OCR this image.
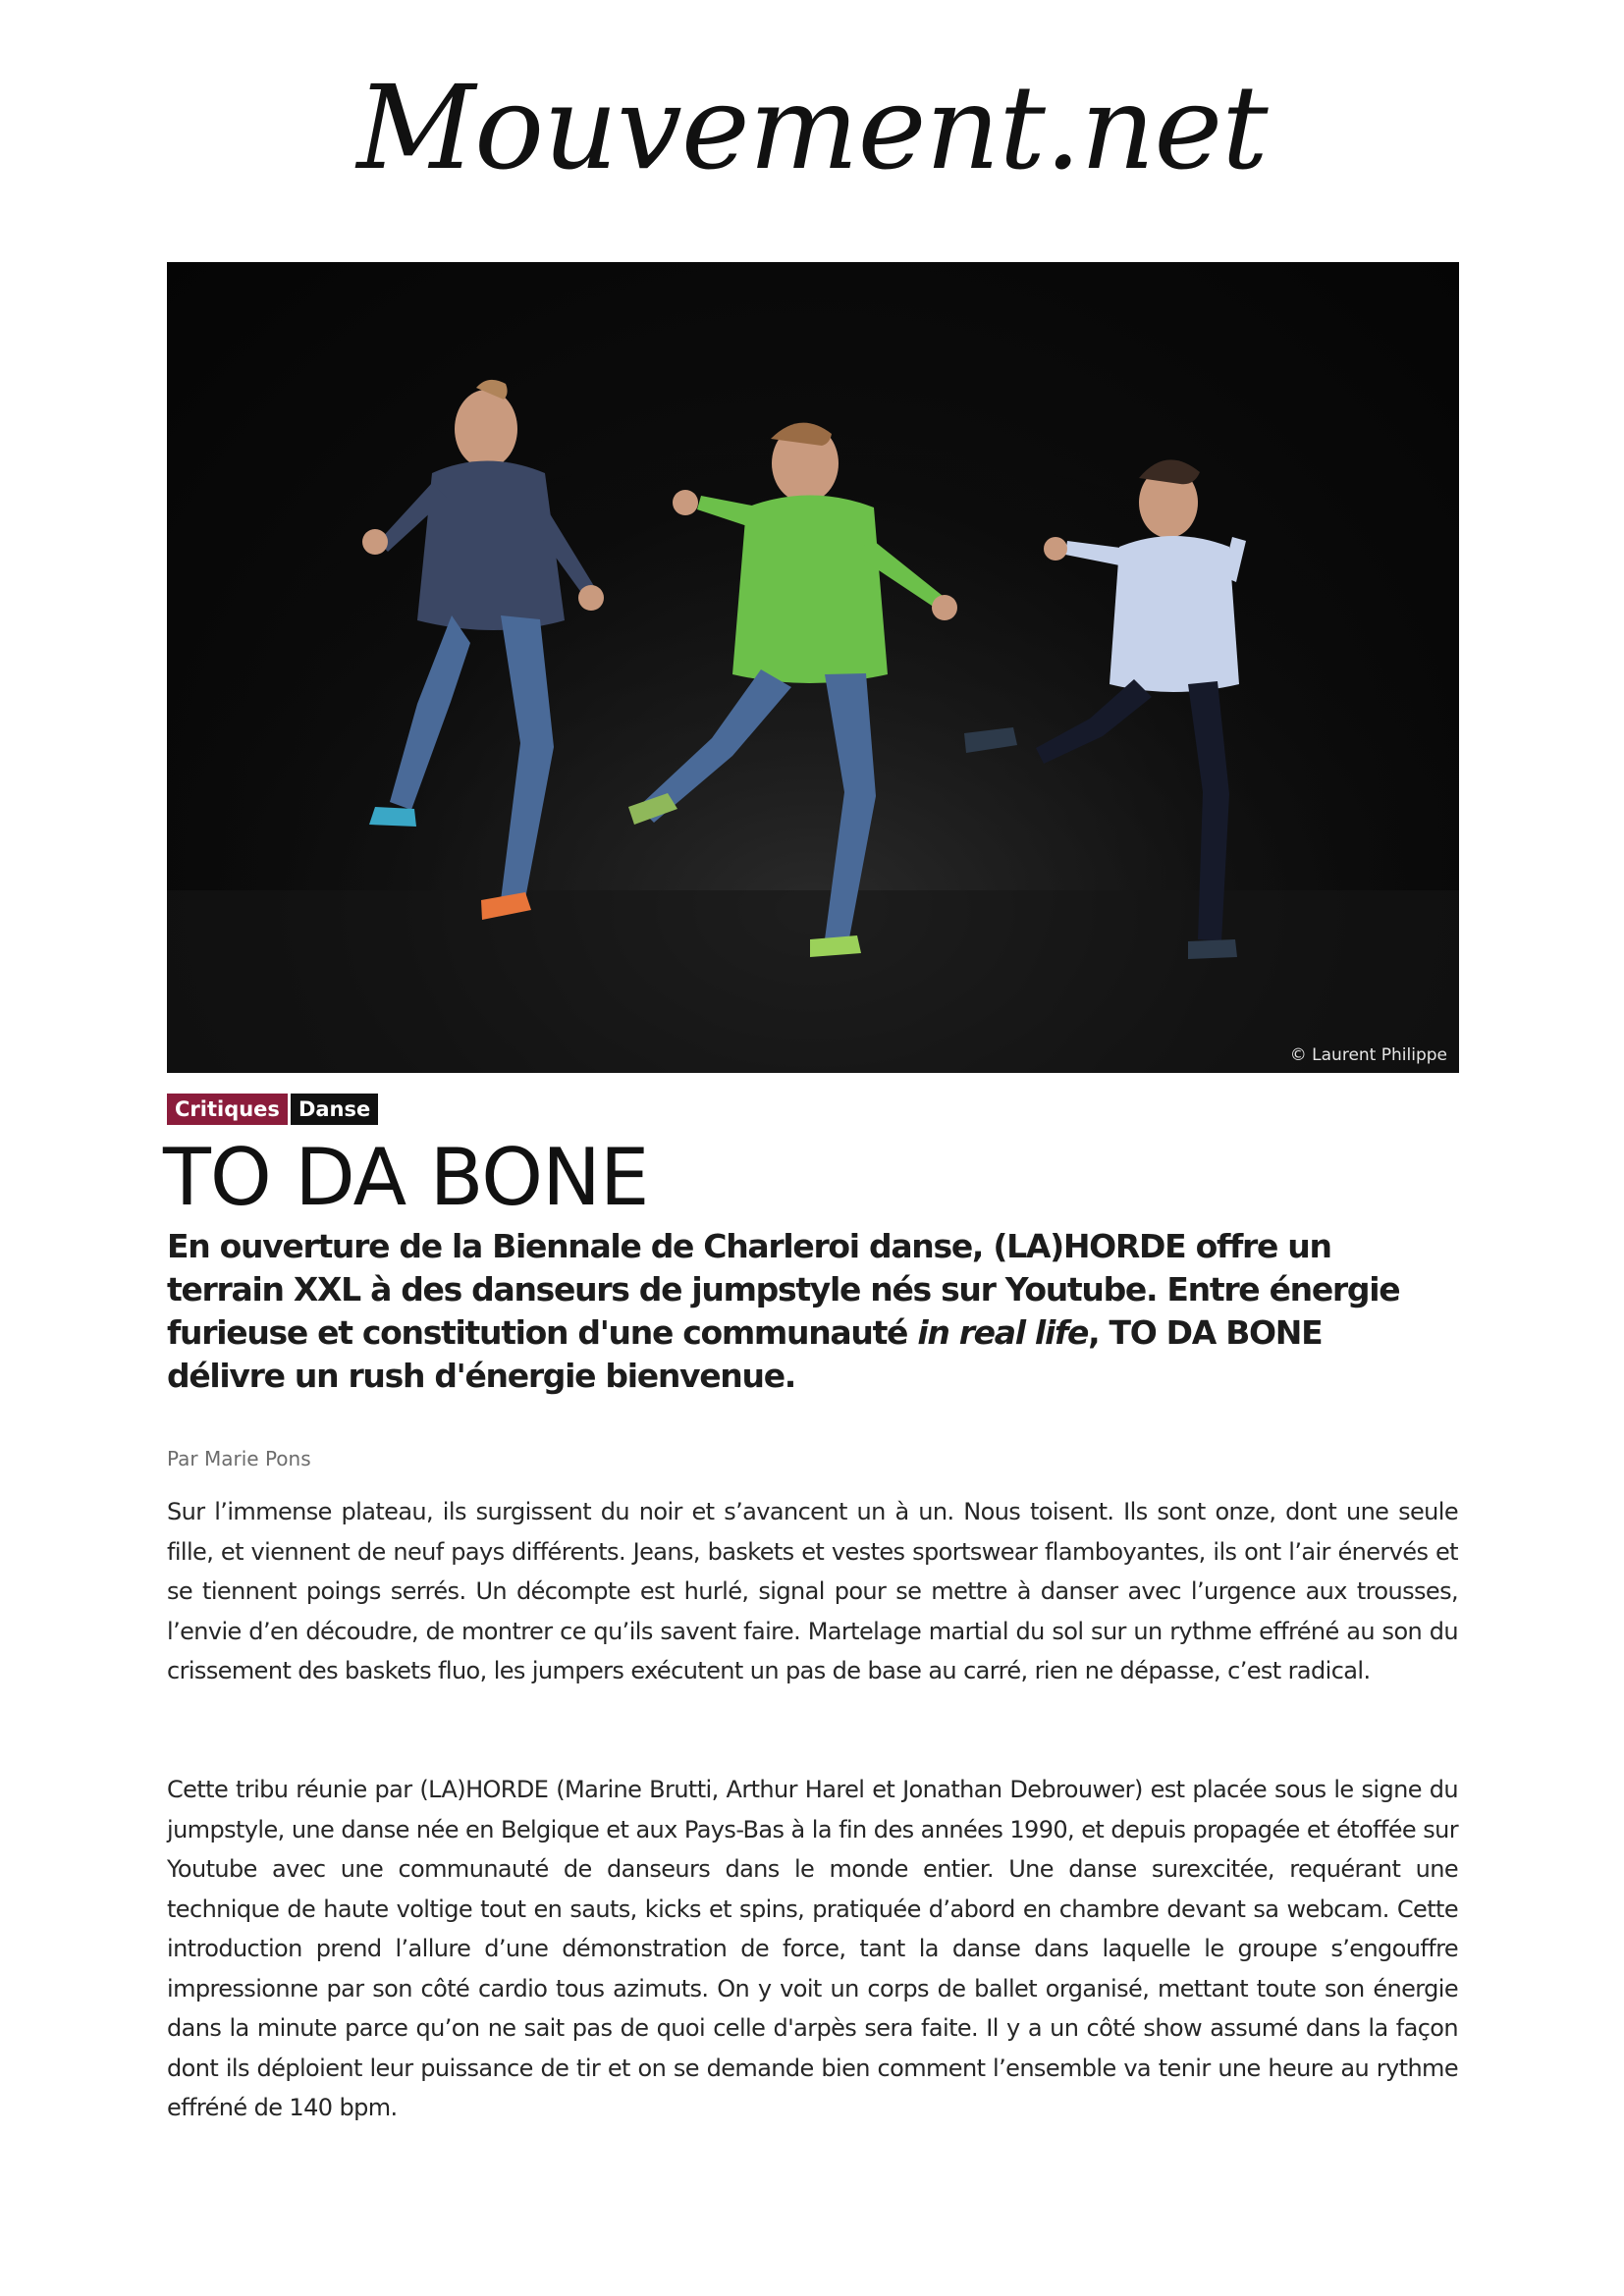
Mouvement.net
© Laurent Philippe
Critiques Danse
TO DA BONE

En ouverture de la Biennale de Charleroi danse, (LA)HORDE offre un terrain XXL à des danseurs de jumpstyle nés sur Youtube. Entre énergie furieuse et constitution d'une communauté in real life, TO DA BONE délivre un rush d'énergie bienvenue.

Par Marie Pons

Sur l’immense plateau, ils surgissent du noir et s’avancent un à un. Nous toisent. Ils sont onze, dont une seule fille, et viennent de neuf pays différents. Jeans, baskets et vestes sportswear flamboyantes, ils ont l’air énervés et se tiennent poings serrés. Un décompte est hurlé, signal pour se mettre à danser avec l’urgence aux trousses, l’envie d’en découdre, de montrer ce qu’ils savent faire. Martelage martial du sol sur un rythme effréné au son du crissement des baskets fluo, les jumpers exécutent un pas de base au carré, rien ne dépasse, c’est radical.

Cette tribu réunie par (LA)HORDE (Marine Brutti, Arthur Harel et Jonathan Debrouwer) est placée sous le signe du jumpstyle, une danse née en Belgique et aux Pays-Bas à la fin des années 1990, et depuis propagée et étoffée sur Youtube avec une communauté de danseurs dans le monde entier. Une danse surexcitée, requérant une technique de haute voltige tout en sauts, kicks et spins, pratiquée d’abord en chambre devant sa webcam. Cette introduction prend l’allure d’une démonstration de force, tant la danse dans laquelle le groupe s’engouffre impressionne par son côté cardio tous azimuts. On y voit un corps de ballet organisé, mettant toute son énergie dans la minute parce qu’on ne sait pas de quoi celle d'arpès sera faite. Il y a un côté show assumé dans la façon dont ils déploient leur puissance de tir et on se demande bien comment l’ensemble va tenir une heure au rythme effréné de 140 bpm.
